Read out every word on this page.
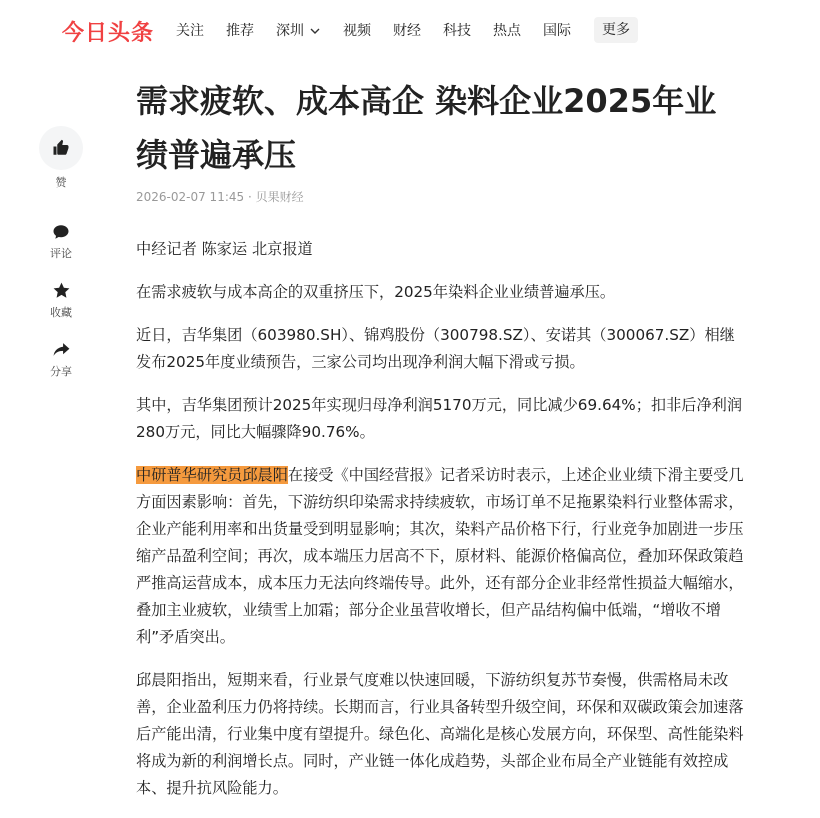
今日头条 关注 推荐 深圳	视频 财经 科技 热点 国际	更多
赞
评论
收藏
分享
需求疲软、成本高企 染料企业2025年业绩普遍承压
2026-02-07 11:45 · 贝果财经

中经记者 陈家运 北京报道

在需求疲软与成本高企的双重挤压下，2025年染料企业业绩普遍承压。

近日，吉华集团（603980.SH）、锦鸡股份（300798.SZ）、安诺其（300067.SZ）相继发布2025年度业绩预告，三家公司均出现净利润大幅下滑或亏损。

其中，吉华集团预计2025年实现归母净利润5170万元，同比减少69.64%；扣非后净利润280万元，同比大幅骤降90.76%。

中研普华研究员邱晨阳在接受《中国经营报》记者采访时表示，上述企业业绩下滑主要受几方面因素影响：首先，下游纺织印染需求持续疲软，市场订单不足拖累染料行业整体需求，企业产能利用率和出货量受到明显影响；其次，染料产品价格下行，行业竞争加剧进一步压缩产品盈利空间；再次，成本端压力居高不下，原材料、能源价格偏高位，叠加环保政策趋严推高运营成本，成本压力无法向终端传导。此外，还有部分企业非经常性损益大幅缩水，叠加主业疲软，业绩雪上加霜；部分企业虽营收增长，但产品结构偏中低端，“增收不增利”矛盾突出。

邱晨阳指出，短期来看，行业景气度难以快速回暖，下游纺织复苏节奏慢，供需格局未改善，企业盈利压力仍将持续。长期而言，行业具备转型升级空间，环保和双碳政策会加速落后产能出清，行业集中度有望提升。绿色化、高端化是核心发展方向，环保型、高性能染料将成为新的利润增长点。同时，产业链一体化成趋势，头部企业布局全产业链能有效控成本、提升抗风险能力。
